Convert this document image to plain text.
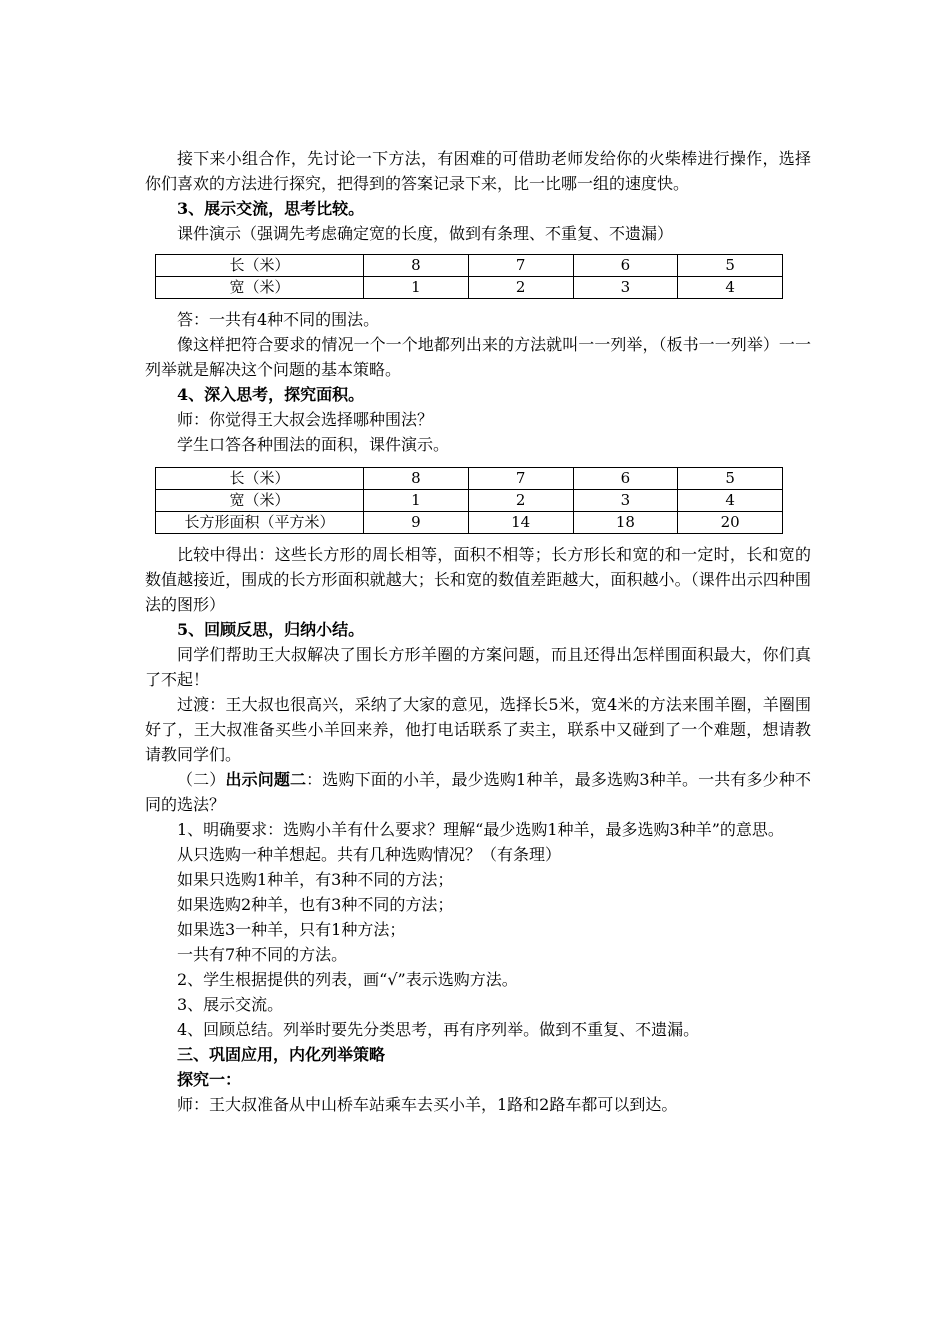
接下来小组合作，先讨论一下方法，有困难的可借助老师发给你的火柴棒进行操作，选择你们喜欢的方法进行探究，把得到的答案记录下来，比一比哪一组的速度快。

3、展示交流，思考比较。

课件演示（强调先考虑确定宽的长度，做到有条理、不重复、不遗漏）

长（米）	8	7	6	5
宽（米）	1	2	3	4

答：一共有4种不同的围法。

像这样把符合要求的情况一个一个地都列出来的方法就叫一一列举，（板书一一列举）一一列举就是解决这个问题的基本策略。

4、深入思考，探究面积。

师：你觉得王大叔会选择哪种围法？

学生口答各种围法的面积，课件演示。

长（米）	8	7	6	5
宽（米）	1	2	3	4
长方形面积（平方米）	9	14	18	20

比较中得出：这些长方形的周长相等，面积不相等；长方形长和宽的和一定时，长和宽的数值越接近，围成的长方形面积就越大；长和宽的数值差距越大，面积越小。（课件出示四种围法的图形）

5、回顾反思，归纳小结。

同学们帮助王大叔解决了围长方形羊圈的方案问题，而且还得出怎样围面积最大，你们真了不起！

过渡：王大叔也很高兴，采纳了大家的意见，选择长5米，宽4米的方法来围羊圈，羊圈围好了，王大叔准备买些小羊回来养，他打电话联系了卖主，联系中又碰到了一个难题，想请教请教同学们。

（二）出示问题二：选购下面的小羊，最少选购1种羊，最多选购3种羊。一共有多少种不同的选法？

1、明确要求：选购小羊有什么要求？理解“最少选购1种羊，最多选购3种羊”的意思。

从只选购一种羊想起。共有几种选购情况？（有条理）

如果只选购1种羊，有3种不同的方法；

如果选购2种羊，也有3种不同的方法；

如果选3一种羊，只有1种方法；

一共有7种不同的方法。

2、学生根据提供的列表，画“√”表示选购方法。

3、展示交流。

4、回顾总结。列举时要先分类思考，再有序列举。做到不重复、不遗漏。

三、巩固应用，内化列举策略

探究一：

师：王大叔准备从中山桥车站乘车去买小羊，1路和2路车都可以到达。
